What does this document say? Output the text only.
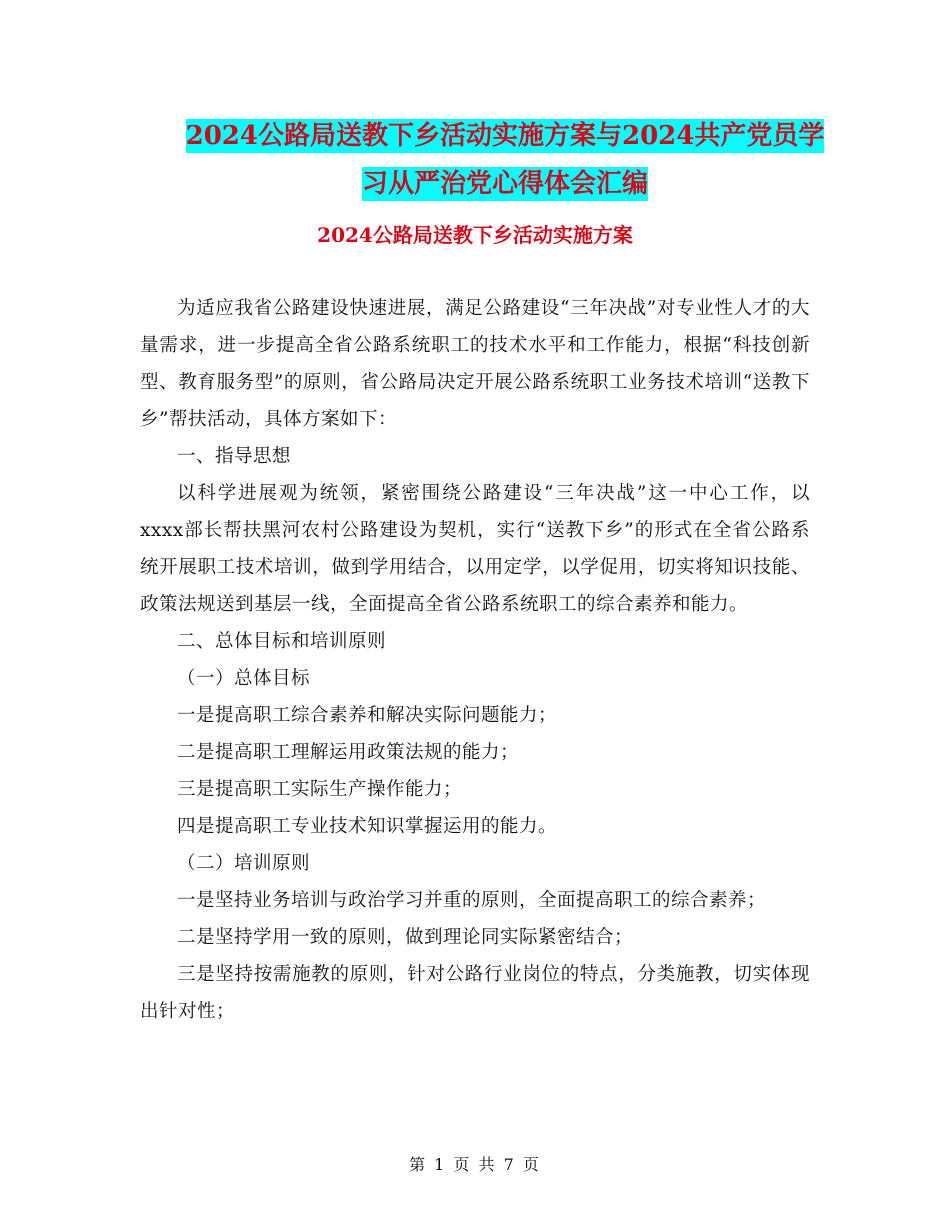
2024公路局送教下乡活动实施方案与2024共产党员学
习从严治党心得体会汇编
2024公路局送教下乡活动实施方案

为适应我省公路建设快速进展，满足公路建设“三年决战”对专业性人才的大量需求，进一步提高全省公路系统职工的技术水平和工作能力，根据“科技创新型、教育服务型”的原则，省公路局决定开展公路系统职工业务技术培训“送教下乡”帮扶活动，具体方案如下：

一、指导思想

以科学进展观为统领，紧密围绕公路建设“三年决战”这一中心工作，以xxxx部长帮扶黑河农村公路建设为契机，实行“送教下乡”的形式在全省公路系统开展职工技术培训，做到学用结合，以用定学，以学促用，切实将知识技能、政策法规送到基层一线，全面提高全省公路系统职工的综合素养和能力。

二、总体目标和培训原则

（一）总体目标

一是提高职工综合素养和解决实际问题能力；

二是提高职工理解运用政策法规的能力；

三是提高职工实际生产操作能力；

四是提高职工专业技术知识掌握运用的能力。

（二）培训原则

一是坚持业务培训与政治学习并重的原则，全面提高职工的综合素养；

二是坚持学用一致的原则，做到理论同实际紧密结合；

三是坚持按需施教的原则，针对公路行业岗位的特点，分类施教，切实体现出针对性；

第 1 页 共 7 页
